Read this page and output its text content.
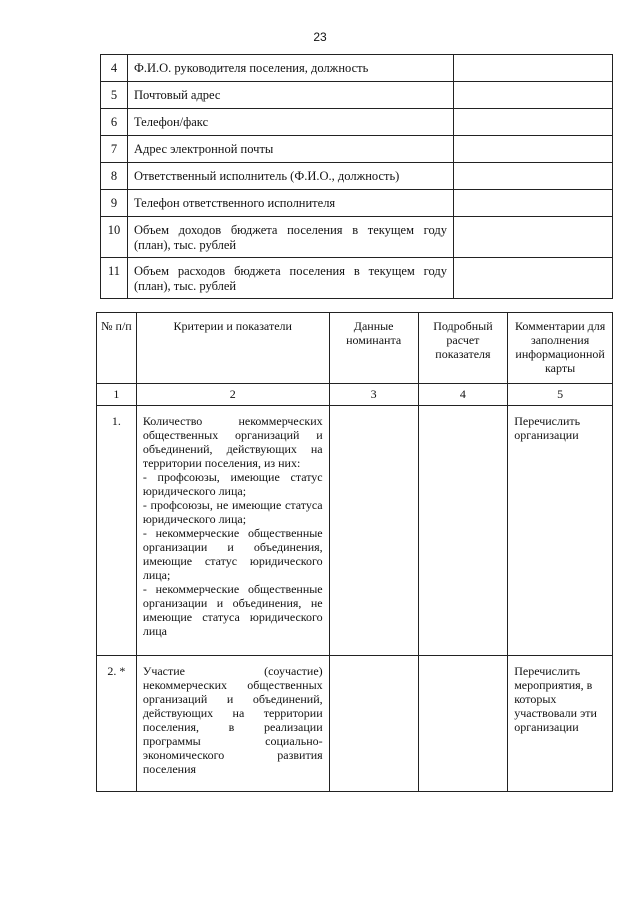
23
4	Ф.И.О. руководителя поселения, должность	
5	Почтовый адрес	
6	Телефон/факс	
7	Адрес электронной почты	
8	Ответственный исполнитель (Ф.И.О., должность)	
9	Телефон ответственного исполнителя	
10	Объем доходов бюджета поселения в текущем году (план), тыс. рублей	
11	Объем расходов бюджета поселения в текущем году (план), тыс. рублей	
№ п/п	Критерии и показатели	Данные номинанта	Подробный расчет показателя	Комментарии для заполнения информационной карты
1	2	3	4	5
1.	Количество некоммерческих общественных организаций и объединений, действующих на территории поселения, из них:
- профсоюзы, имеющие статус юридического лица;
- профсоюзы, не имеющие статуса юридического лица;
- некоммерческие общественные организации и объединения, имеющие статус юридического лица;
- некоммерческие общественные организации и объединения, не имеющие статуса юридического лица			Перечислить организации
2. *	Участие (соучастие) некоммерческих общественных организаций и объединений, действующих на территории поселения, в реализации программы социально-экономического развития поселения			Перечислить мероприятия, в которых участвовали эти организации
